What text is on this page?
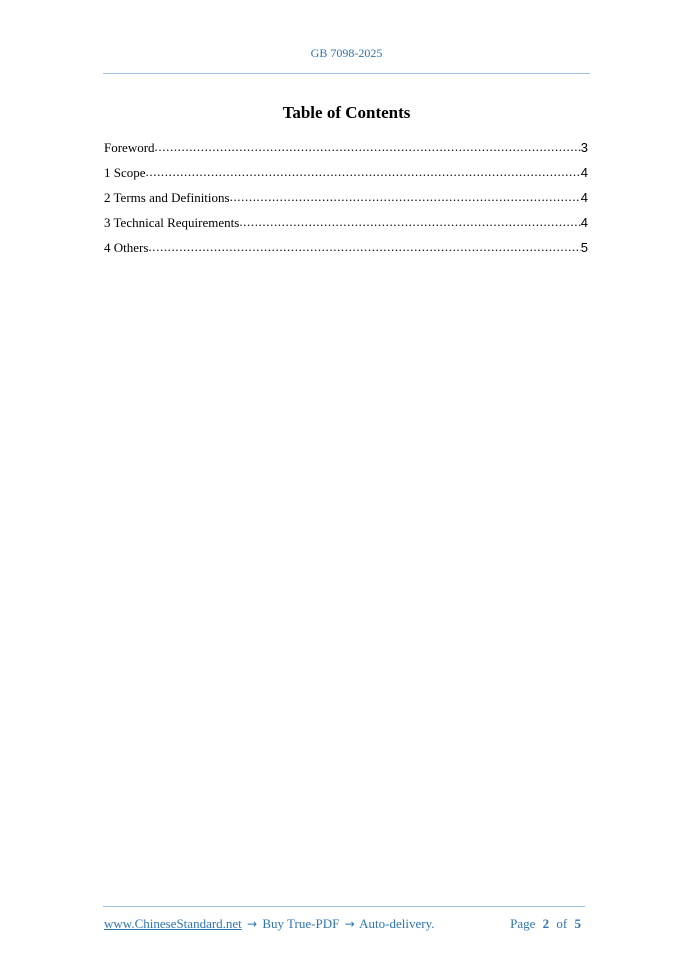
GB 7098-2025
Table of Contents
Foreword .....	3
1 Scope .....	4
2 Terms and Definitions .....	4
3 Technical Requirements .....	4
4 Others .....	5
www.ChineseStandard.net → Buy True-PDF → Auto-delivery.	Page 2 of 5
